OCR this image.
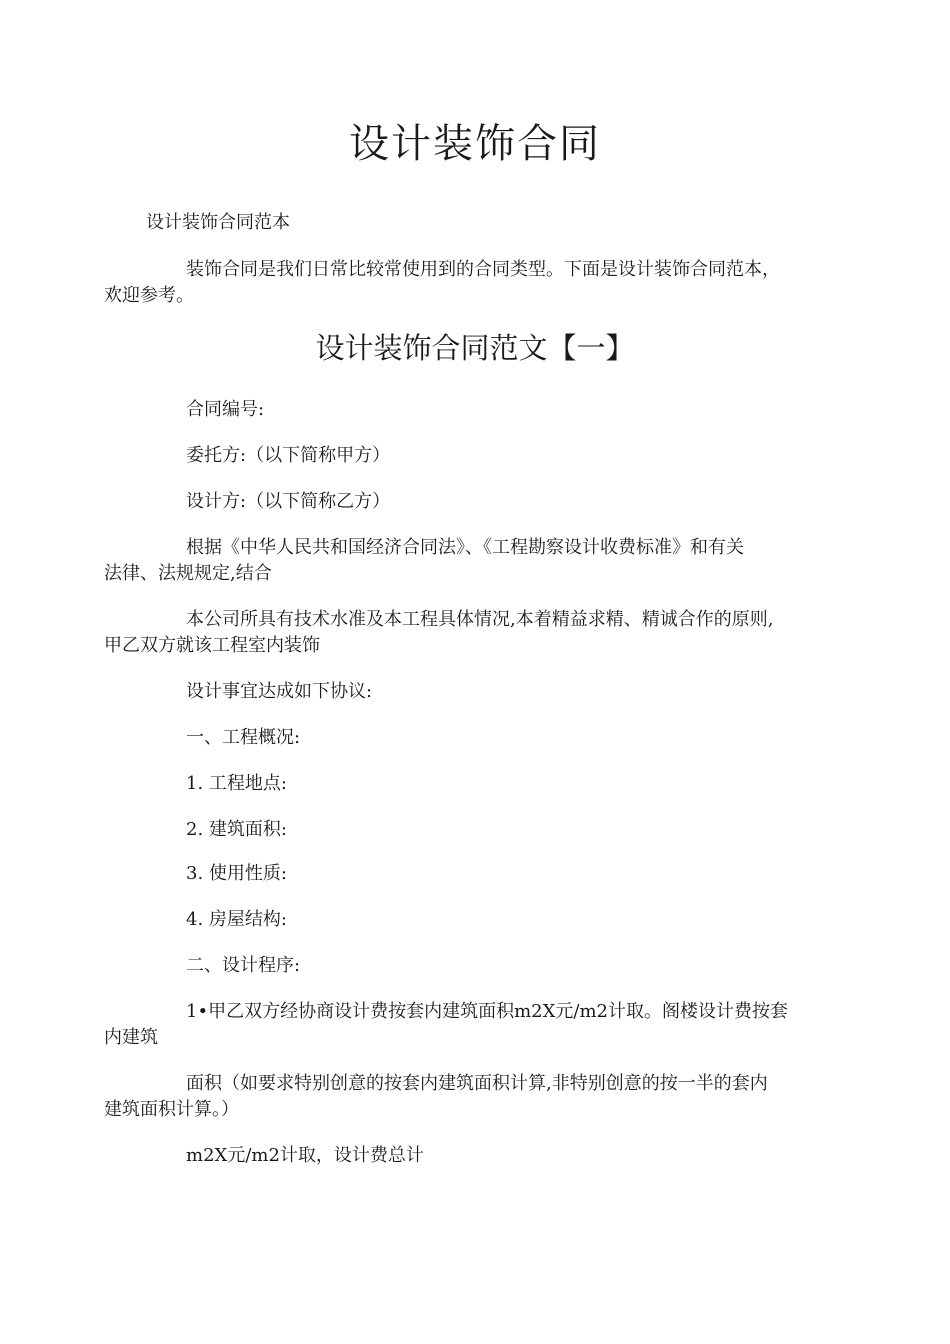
设计装饰合同
设计装饰合同范本
装饰合同是我们日常比较常使用到的合同类型。下面是设计装饰合同范本，
欢迎参考。
设计装饰合同范文【一】
合同编号:
委托方:（以下简称甲方）
设计方:（以下简称乙方）
根据《中华人民共和国经济合同法》、《工程勘察设计收费标准》和有关
法律、法规规定,结合
本公司所具有技术水准及本工程具体情况,本着精益求精、精诚合作的原则,
甲乙双方就该工程室内装饰
设计事宜达成如下协议:
一、工程概况:
1. 工程地点:
2. 建筑面积:
3. 使用性质:
4. 房屋结构:
二、设计程序:
1•甲乙双方经协商设计费按套内建筑面积m2X元/m2计取。阁楼设计费按套
内建筑
面积（如要求特别创意的按套内建筑面积计算,非特别创意的按一半的套内
建筑面积计算。）
m2X元/m2计取，设计费总计
